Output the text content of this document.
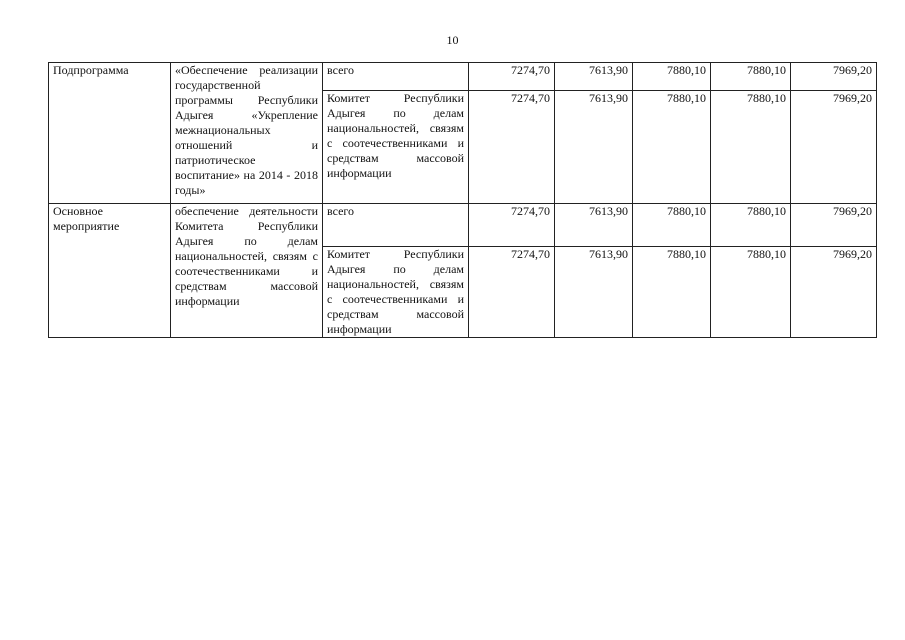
10
Подпрограмма	«Обеспечение реализации государственной программы Республики Адыгея «Укрепление межнациональных отношений и патриотическое воспитание» на 2014 - 2018 годы»	всего	7274,70	7613,90	7880,10	7880,10	7969,20
		Комитет Республики Адыгея по делам национальностей, связям с соотечественниками и средствам массовой информации	7274,70	7613,90	7880,10	7880,10	7969,20

Основное мероприятие	обеспечение деятельности Комитета Республики Адыгея по делам национальностей, связям с соотечественниками и средствам массовой информации	всего	7274,70	7613,90	7880,10	7880,10	7969,20
		Комитет Республики Адыгея по делам национальностей, связям с соотечественниками и средствам массовой информации	7274,70	7613,90	7880,10	7880,10	7969,20
